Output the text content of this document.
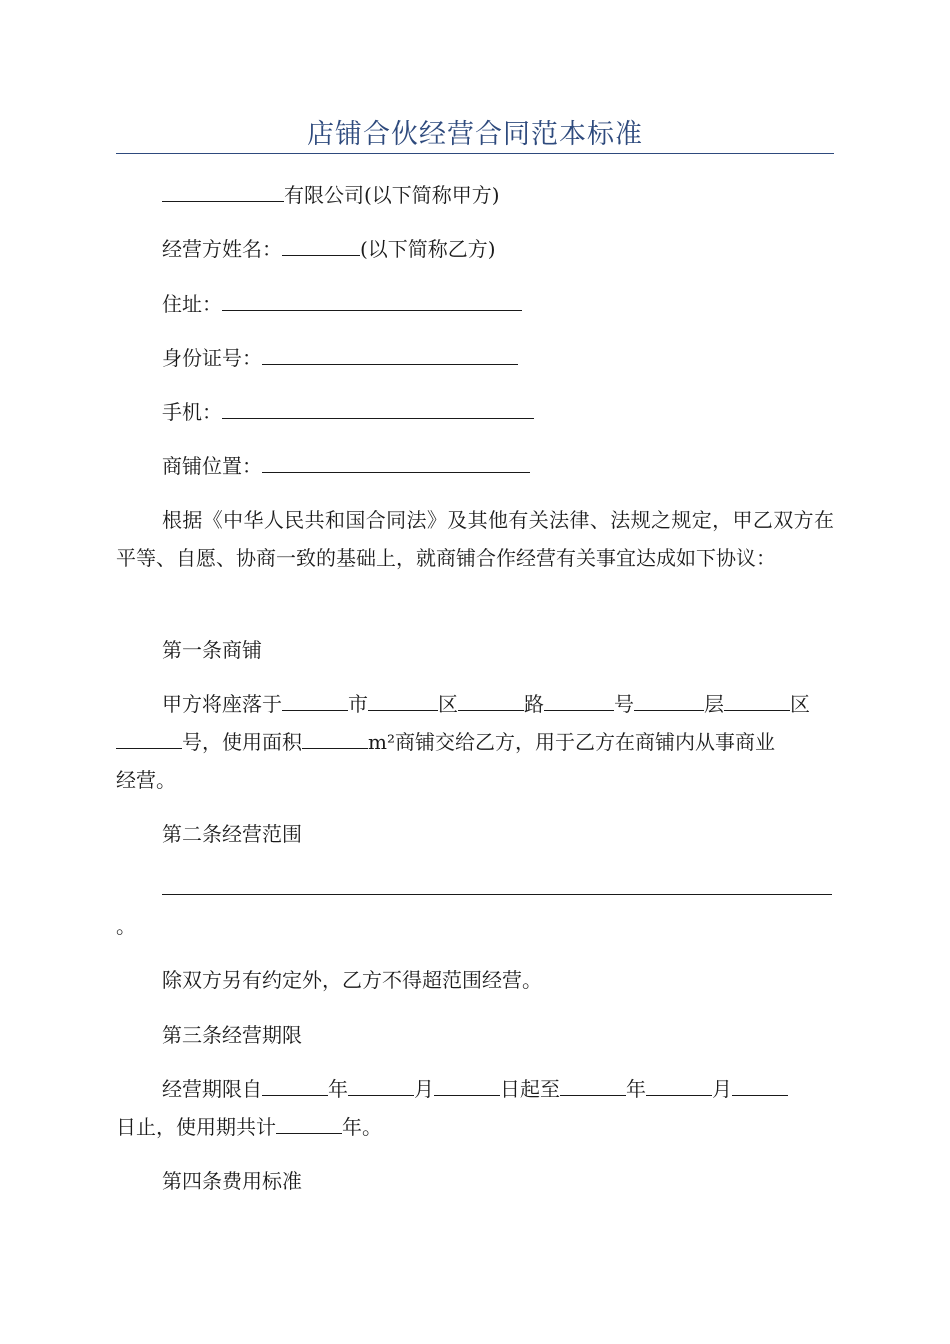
店铺合伙经营合同范本标准
有限公司(以下简称甲方)
经营方姓名：	(以下简称乙方)
住址：
身份证号：
手机：
商铺位置：
根据《中华人民共和国合同法》及其他有关法律、法规之规定，甲乙双方在平等、自愿、协商一致的基础上，就商铺合作经营有关事宜达成如下协议：
第一条商铺
甲方将座落于	市	区	路	号	层	区
号，使用面积	m²商铺交给乙方，用于乙方在商铺内从事商业
经营。
第二条经营范围
。
除双方另有约定外，乙方不得超范围经营。
第三条经营期限
经营期限自	年	月	日起至	年	月
日止，使用期共计	年。
第四条费用标准
